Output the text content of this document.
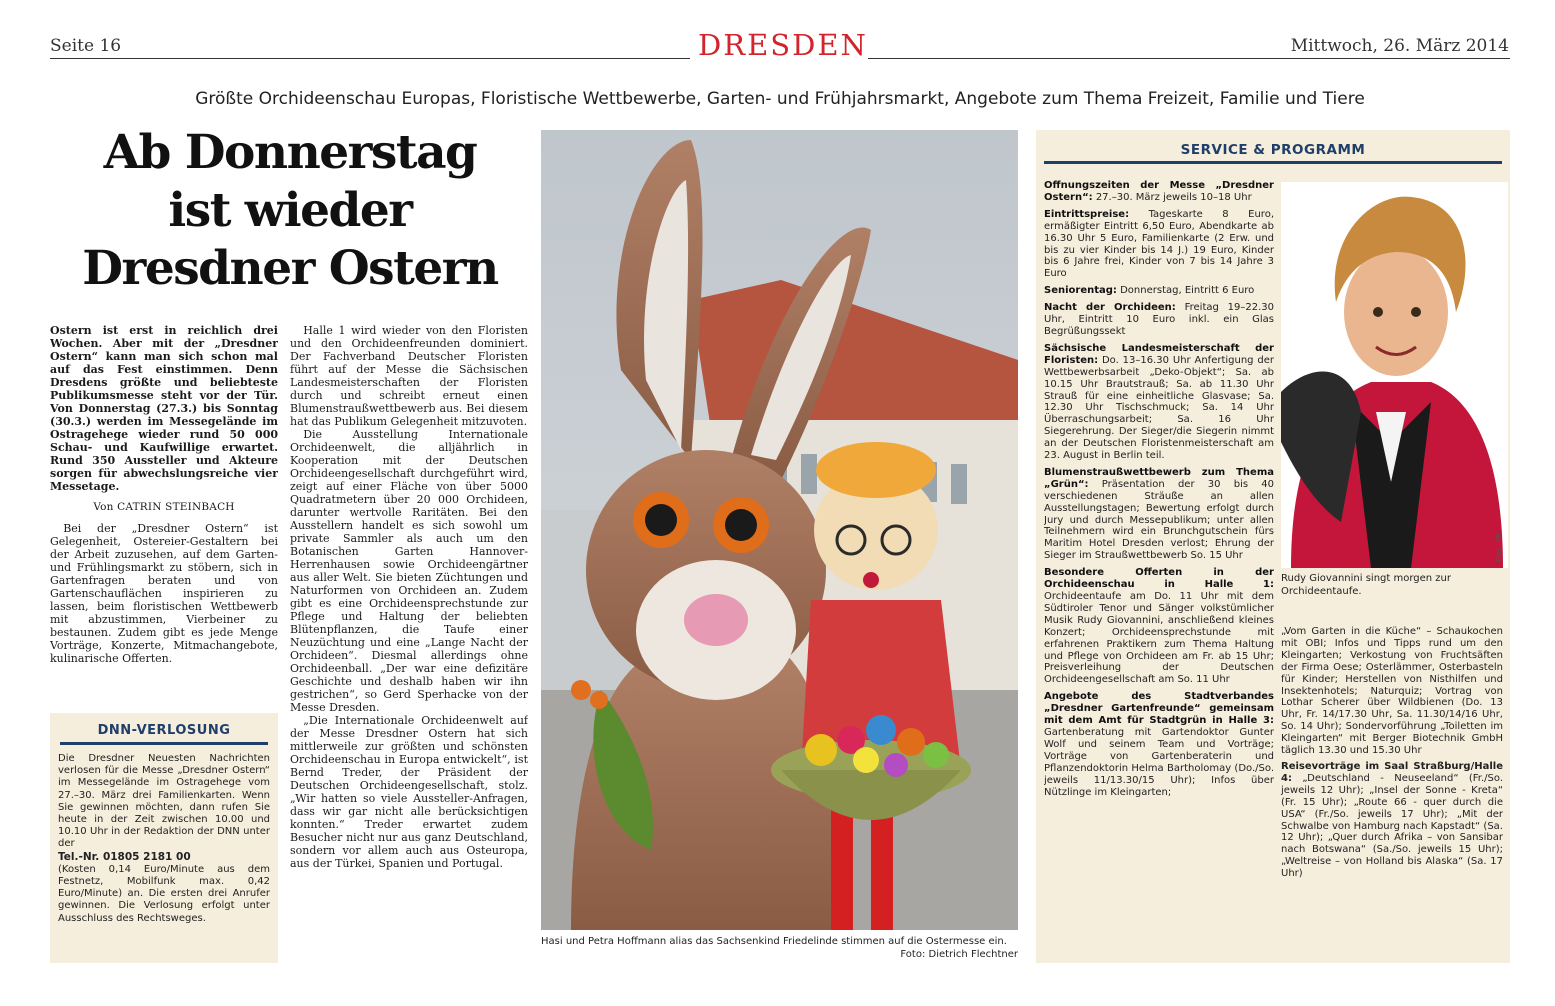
Seite 16	DRESDEN	Mittwoch, 26. März 2014
Größte Orchideenschau Europas, Floristische Wettbewerbe, Garten- und Frühjahrsmarkt, Angebote zum Thema Freizeit, Familie und Tiere
Ab Donnerstag
ist wieder
Dresdner Ostern
Ostern ist erst in reichlich drei Wochen. Aber mit der „Dresdner Ostern“ kann man sich schon mal auf das Fest einstimmen. Denn Dresdens größte und beliebteste Publikumsmesse steht vor der Tür. Von Donnerstag (27.3.) bis Sonntag (30.3.) werden im Messegelände im Ostragehege wieder rund 50 000 Schau- und Kaufwillige erwartet. Rund 350 Aussteller und Akteure sorgen für abwechslungsreiche vier Messetage.
Von CATRIN STEINBACH

Bei der „Dresdner Ostern“ ist Gelegenheit, Ostereier-Gestaltern bei der Arbeit zuzusehen, auf dem Garten- und Frühlingsmarkt zu stöbern, sich in Gartenfragen beraten und von Gartenschauflächen inspirieren zu lassen, beim floristischen Wettbewerb mit abzustimmen, Vierbeiner zu bestaunen. Zudem gibt es jede Menge Vorträge, Konzerte, Mitmachangebote, kulinarische Offerten.

Halle 1 wird wieder von den Floristen und den Orchideenfreunden dominiert. Der Fachverband Deutscher Floristen führt auf der Messe die Sächsischen Landesmeisterschaften der Floristen durch und schreibt erneut einen Blumenstraußwettbewerb aus. Bei diesem hat das Publikum Gelegenheit mitzuvoten.

Die Ausstellung Internationale Orchideenwelt, die alljährlich in Kooperation mit der Deutschen Orchideengesellschaft durchgeführt wird, zeigt auf einer Fläche von über 5000 Quadratmetern über 20 000 Orchideen, darunter wertvolle Raritäten. Bei den Ausstellern handelt es sich sowohl um private Sammler als auch um den Botanischen Garten Hannover-Herrenhausen sowie Orchideengärtner aus aller Welt. Sie bieten Züchtungen und Naturformen von Orchideen an. Zudem gibt es eine Orchideensprechstunde zur Pflege und Haltung der beliebten Blütenpflanzen, die Taufe einer Neuzüchtung und eine „Lange Nacht der Orchideen“. Diesmal allerdings ohne Orchideenball. „Der war eine defizitäre Geschichte und deshalb haben wir ihn gestrichen“, so Gerd Sperhacke von der Messe Dresden.

„Die Internationale Orchideenwelt auf der Messe Dresdner Ostern hat sich mittlerweile zur größten und schönsten Orchideenschau in Europa entwickelt“, ist Bernd Treder, der Präsident der Deutschen Orchideengesellschaft, stolz. „Wir hatten so viele Aussteller-Anfragen, dass wir gar nicht alle berücksichtigen konnten.“ Treder erwartet zudem Besucher nicht nur aus ganz Deutschland, sondern vor allem auch aus Osteuropa, aus der Türkei, Spanien und Portugal.

DNN-VERLOSUNG
Die Dresdner Neuesten Nachrichten verlosen für die Messe „Dresdner Ostern“ im Messegelände im Ostragehege vom 27.–30. März drei Familienkarten. Wenn Sie gewinnen möchten, dann rufen Sie heute in der Zeit zwischen 10.00 und 10.10 Uhr in der Redaktion der DNN unter der
Tel.-Nr. 01805 2181 00
(Kosten 0,14 Euro/Minute aus dem Festnetz, Mobilfunk max. 0,42 Euro/Minute) an. Die ersten drei Anrufer gewinnen. Die Verlosung erfolgt unter Ausschluss des Rechtsweges.
Hasi und Petra Hoffmann alias das Sachsenkind Friedelinde stimmen auf die Ostermesse ein.
Foto: Dietrich Flechtner
SERVICE & PROGRAMM
Öffnungszeiten der Messe „Dresdner Ostern“: 27.–30. März jeweils 10–18 Uhr
Eintrittspreise: Tageskarte 8 Euro, ermäßigter Eintritt 6,50 Euro, Abendkarte ab 16.30 Uhr 5 Euro, Familienkarte (2 Erw. und bis zu vier Kinder bis 14 J.) 19 Euro, Kinder bis 6 Jahre frei, Kinder von 7 bis 14 Jahre 3 Euro
Seniorentag: Donnerstag, Eintritt 6 Euro
Nacht der Orchideen: Freitag 19–22.30 Uhr, Eintritt 10 Euro inkl. ein Glas Begrüßungssekt
Sächsische Landesmeisterschaft der Floristen: Do. 13–16.30 Uhr Anfertigung der Wettbewerbsarbeit „Deko-Objekt“; Sa. ab 10.15 Uhr Brautstrauß; Sa. ab 11.30 Uhr Strauß für eine einheitliche Glasvase; Sa. 12.30 Uhr Tischschmuck; Sa. 14 Uhr Überraschungsarbeit; Sa. 16 Uhr Siegerehrung. Der Sieger/die Siegerin nimmt an der Deutschen Floristenmeisterschaft am 23. August in Berlin teil.
Blumenstraußwettbewerb zum Thema „Grün“: Präsentation der 30 bis 40 verschiedenen Sträuße an allen Ausstellungstagen; Bewertung erfolgt durch Jury und durch Messepublikum; unter allen Teilnehmern wird ein Brunchgutschein fürs Maritim Hotel Dresden verlost; Ehrung der Sieger im Straußwettbewerb So. 15 Uhr
Besondere Offerten in der Orchideenschau in Halle 1: Orchideentaufe am Do. 11 Uhr mit dem Südtiroler Tenor und Sänger volkstümlicher Musik Rudy Giovannini, anschließend kleines Konzert; Orchideensprechstunde mit erfahrenen Praktikern zum Thema Haltung und Pflege von Orchideen am Fr. ab 15 Uhr; Preisverleihung der Deutschen Orchideengesellschaft am So. 11 Uhr
Angebote des Stadtverbandes „Dresdner Gartenfreunde“ gemeinsam mit dem Amt für Stadtgrün in Halle 3: Gartenberatung mit Gartendoktor Gunter Wolf und seinem Team und Vorträge; Vorträge von Gartenberaterin und Pflanzendoktorin Helma Bartholomay (Do./So. jeweils 11/13.30/15 Uhr); Infos über Nützlinge im Kleingarten;
Foto: PR
Rudy Giovannini singt morgen zur Orchideentaufe.

„Vom Garten in die Küche“ – Schaukochen mit OBI; Infos und Tipps rund um den Kleingarten; Verkostung von Fruchtsäften der Firma Oese; Osterlämmer, Osterbasteln für Kinder; Herstellen von Nisthilfen und Insektenhotels; Naturquiz; Vortrag von Lothar Scherer über Wildbienen (Do. 13 Uhr, Fr. 14/17.30 Uhr, Sa. 11.30/14/16 Uhr, So. 14 Uhr); Sondervorführung „Toiletten im Kleingarten“ mit Berger Biotechnik GmbH täglich 13.30 und 15.30 Uhr

Reisevorträge im Saal Straßburg/Halle 4: „Deutschland - Neuseeland“ (Fr./So. jeweils 12 Uhr); „Insel der Sonne - Kreta“ (Fr. 15 Uhr); „Route 66 - quer durch die USA“ (Fr./So. jeweils 17 Uhr); „Mit der Schwalbe von Hamburg nach Kapstadt“ (Sa. 12 Uhr); „Quer durch Afrika – von Sansibar nach Botswana“ (Sa./So. jeweils 15 Uhr); „Weltreise – von Holland bis Alaska“ (Sa. 17 Uhr)
